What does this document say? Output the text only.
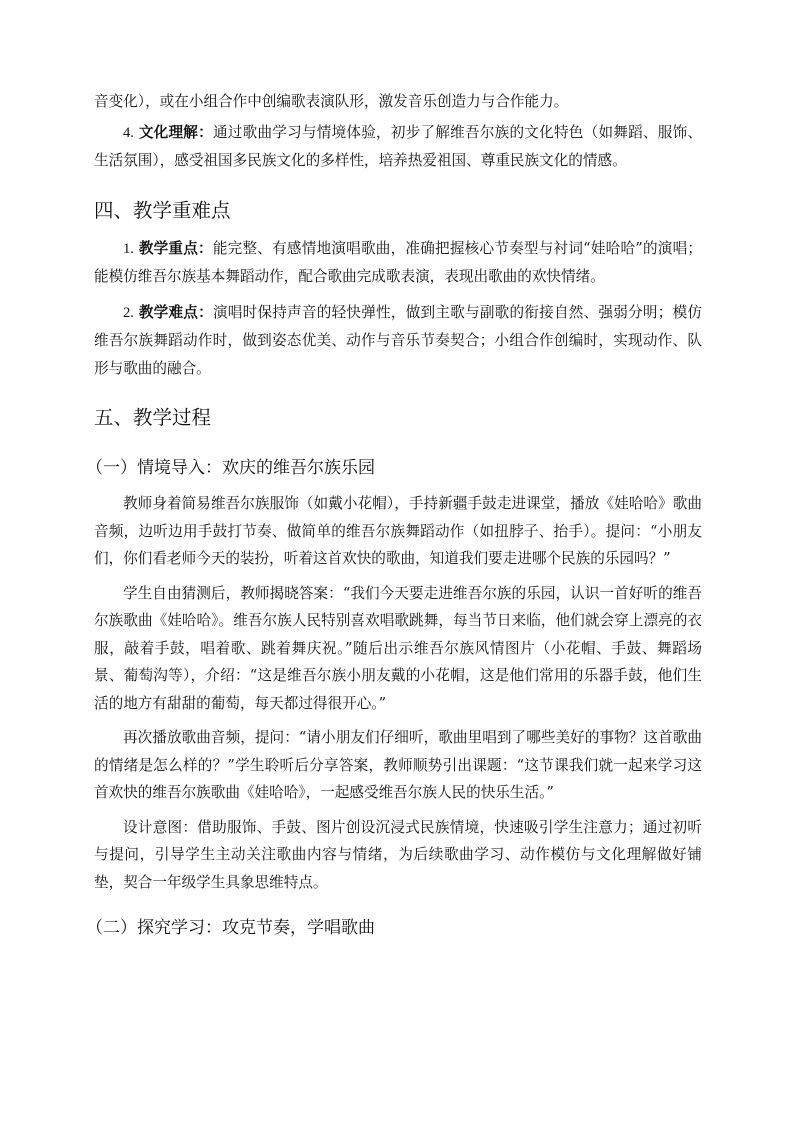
音变化），或在小组合作中创编歌表演队形，激发音乐创造力与合作能力。

4. 文化理解：通过歌曲学习与情境体验，初步了解维吾尔族的文化特色（如舞蹈、服饰、生活氛围），感受祖国多民族文化的多样性，培养热爱祖国、尊重民族文化的情感。

四、教学重难点

1. 教学重点：能完整、有感情地演唱歌曲，准确把握核心节奏型与衬词“娃哈哈”的演唱；能模仿维吾尔族基本舞蹈动作，配合歌曲完成歌表演，表现出歌曲的欢快情绪。

2. 教学难点：演唱时保持声音的轻快弹性，做到主歌与副歌的衔接自然、强弱分明；模仿维吾尔族舞蹈动作时，做到姿态优美、动作与音乐节奏契合；小组合作创编时，实现动作、队形与歌曲的融合。

五、教学过程
（一）情境导入：欢庆的维吾尔族乐园

教师身着简易维吾尔族服饰（如戴小花帽），手持新疆手鼓走进课堂，播放《娃哈哈》歌曲音频，边听边用手鼓打节奏、做简单的维吾尔族舞蹈动作（如扭脖子、抬手）。提问：“小朋友们，你们看老师今天的装扮，听着这首欢快的歌曲，知道我们要走进哪个民族的乐园吗？”

学生自由猜测后，教师揭晓答案：“我们今天要走进维吾尔族的乐园，认识一首好听的维吾尔族歌曲《娃哈哈》。维吾尔族人民特别喜欢唱歌跳舞，每当节日来临，他们就会穿上漂亮的衣服，敲着手鼓，唱着歌、跳着舞庆祝。”随后出示维吾尔族风情图片（小花帽、手鼓、舞蹈场景、葡萄沟等），介绍：“这是维吾尔族小朋友戴的小花帽，这是他们常用的乐器手鼓，他们生活的地方有甜甜的葡萄，每天都过得很开心。”

再次播放歌曲音频，提问：“请小朋友们仔细听，歌曲里唱到了哪些美好的事物？这首歌曲的情绪是怎么样的？”学生聆听后分享答案，教师顺势引出课题：“这节课我们就一起来学习这首欢快的维吾尔族歌曲《娃哈哈》，一起感受维吾尔族人民的快乐生活。”

设计意图：借助服饰、手鼓、图片创设沉浸式民族情境，快速吸引学生注意力；通过初听与提问，引导学生主动关注歌曲内容与情绪，为后续歌曲学习、动作模仿与文化理解做好铺垫，契合一年级学生具象思维特点。

（二）探究学习：攻克节奏，学唱歌曲
